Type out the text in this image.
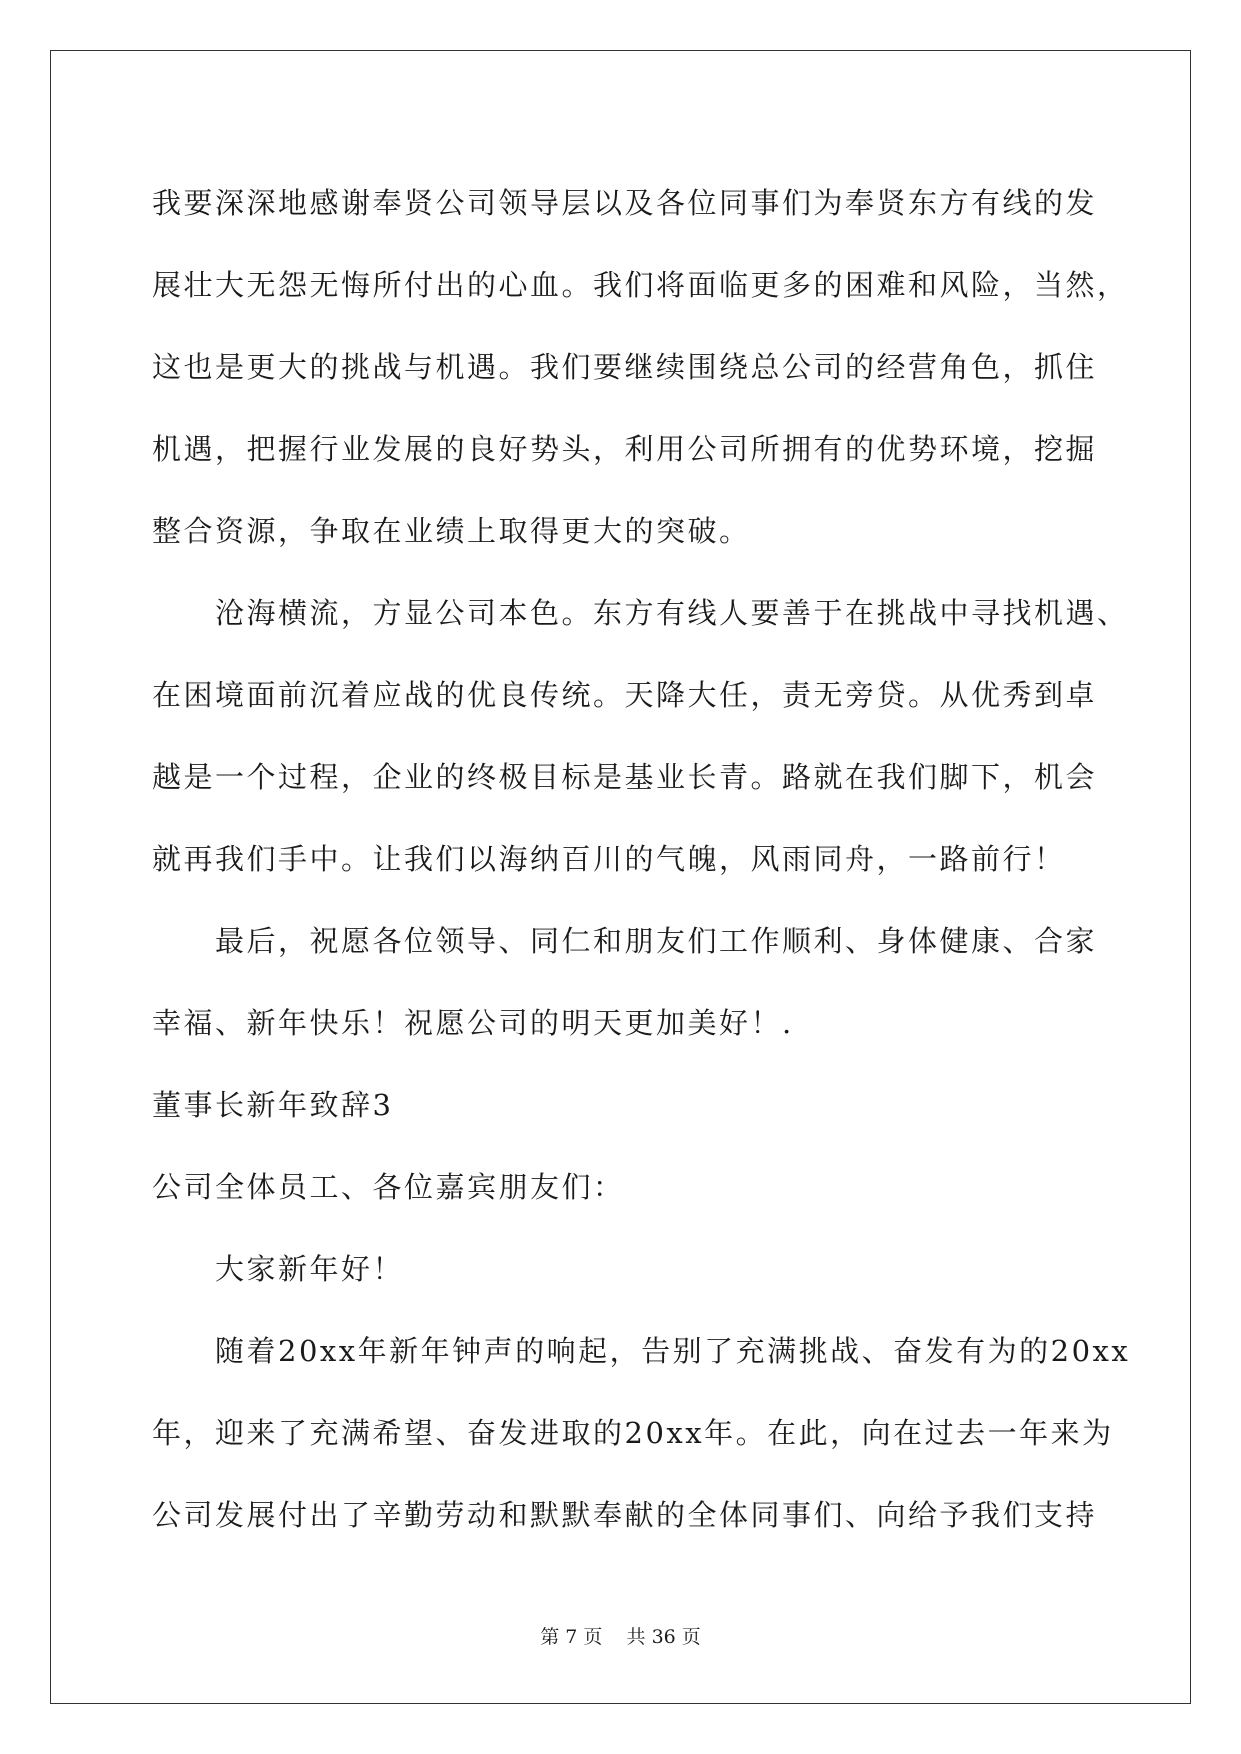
我要深深地感谢奉贤公司领导层以及各位同事们为奉贤东方有线的发
展壮大无怨无悔所付出的心血。我们将面临更多的困难和风险，当然，
这也是更大的挑战与机遇。我们要继续围绕总公司的经营角色，抓住
机遇，把握行业发展的良好势头，利用公司所拥有的优势环境，挖掘
整合资源，争取在业绩上取得更大的突破。
沧海横流，方显公司本色。东方有线人要善于在挑战中寻找机遇、
在困境面前沉着应战的优良传统。天降大任，责无旁贷。从优秀到卓
越是一个过程，企业的终极目标是基业长青。路就在我们脚下，机会
就再我们手中。让我们以海纳百川的气魄，风雨同舟，一路前行！
最后，祝愿各位领导、同仁和朋友们工作顺利、身体健康、合家
幸福、新年快乐！祝愿公司的明天更加美好！.
董事长新年致辞3
公司全体员工、各位嘉宾朋友们：
大家新年好！
随着20xx年新年钟声的响起，告别了充满挑战、奋发有为的20xx
年，迎来了充满希望、奋发进取的20xx年。在此，向在过去一年来为
公司发展付出了辛勤劳动和默默奉献的全体同事们、向给予我们支持
第 7 页    共 36 页
